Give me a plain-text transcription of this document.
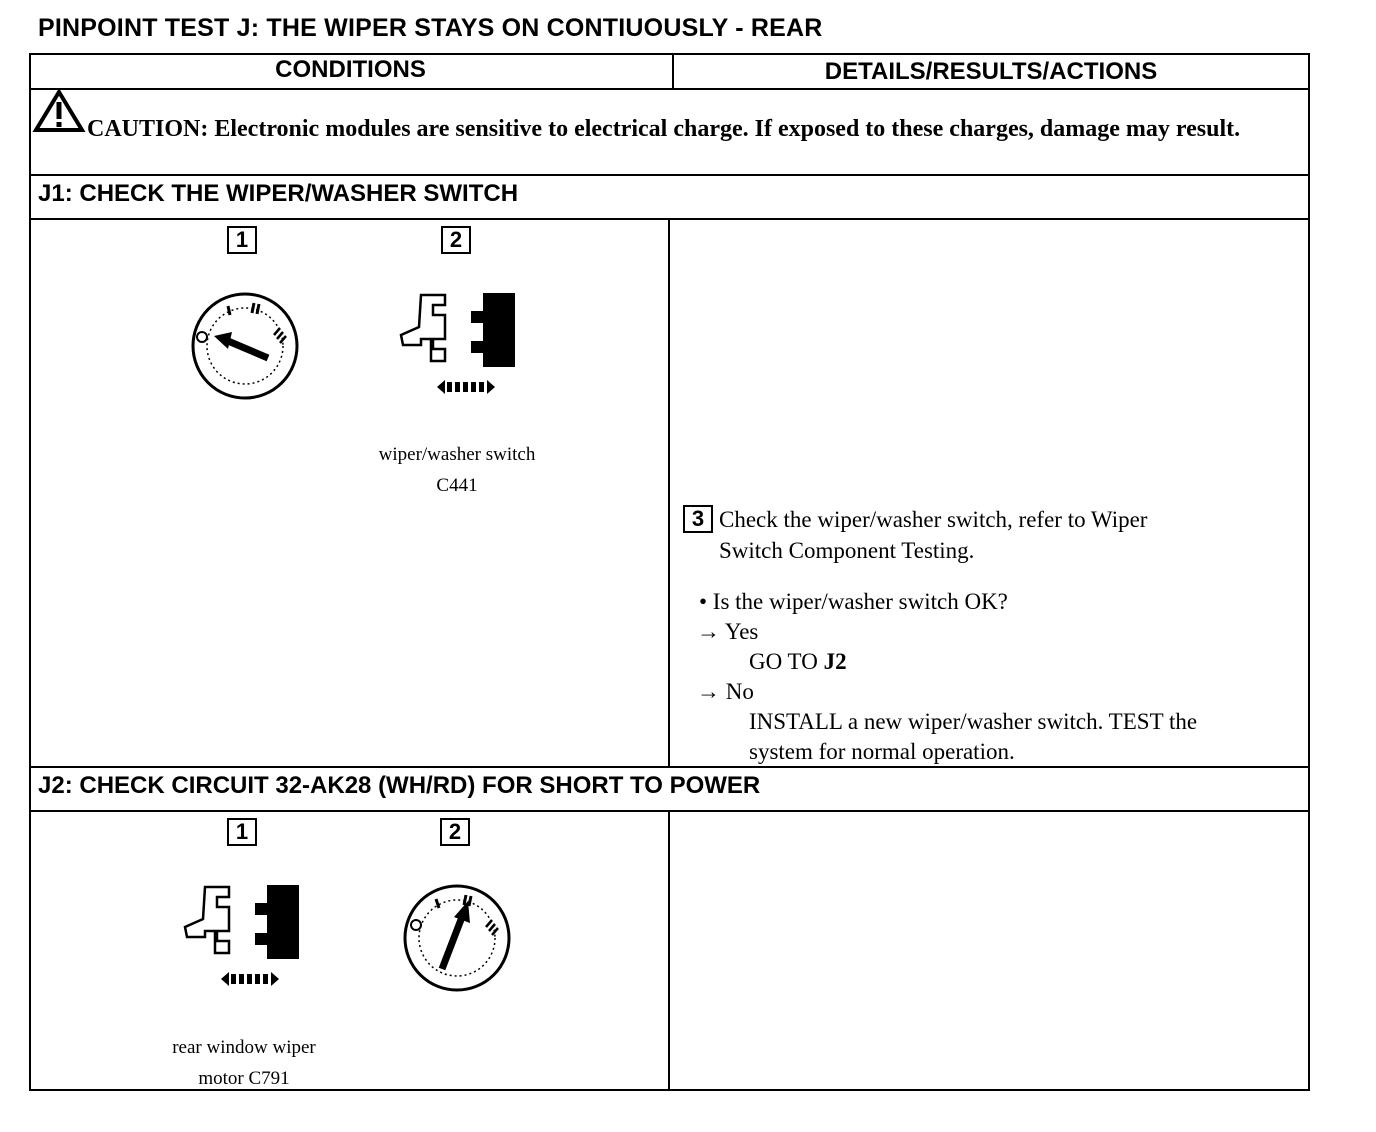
PINPOINT TEST J: THE WIPER STAYS ON CONTIUOUSLY - REAR
CONDITIONS	DETAILS/RESULTS/ACTIONS
CAUTION: Electronic modules are sensitive to electrical charge. If exposed to these charges, damage may result.
J1: CHECK THE WIPER/WASHER SWITCH
1	2
wiper/washer switch
C441
3 Check the wiper/washer switch, refer to Wiper
Switch Component Testing.
• Is the wiper/washer switch OK?
→ Yes
GO TO J2
→ No
INSTALL a new wiper/washer switch. TEST the
system for normal operation.
J2: CHECK CIRCUIT 32-AK28 (WH/RD) FOR SHORT TO POWER
1	2
rear window wiper
motor C791
